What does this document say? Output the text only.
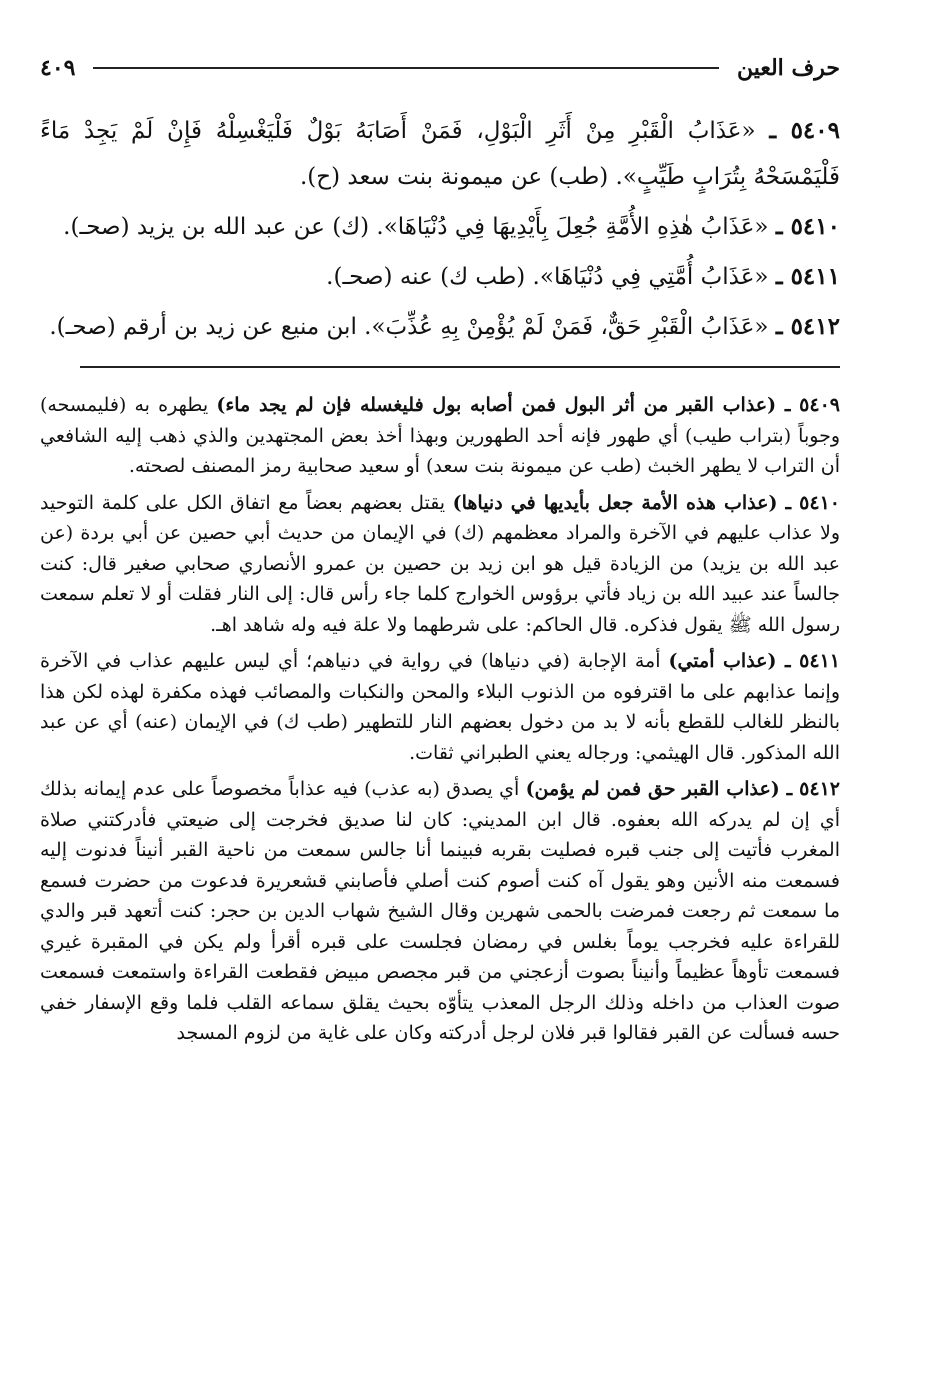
حرف العين
٤٠٩

٥٤٠٩ ـ «عَذَابُ الْقَبْرِ مِنْ أَثَرِ الْبَوْلِ، فَمَنْ أَصَابَهُ بَوْلٌ فَلْيَغْسِلْهُ فَإِنْ لَمْ يَجِدْ مَاءً فَلْيَمْسَحْهُ بِتُرَابٍ طَيِّبٍ». (طب) عن ميمونة بنت سعد (ح).

٥٤١٠ ـ «عَذَابُ هٰذِهِ الأُمَّةِ جُعِلَ بِأَيْدِيهَا فِي دُنْيَاهَا». (ك) عن عبد الله بن يزيد (صحـ).

٥٤١١ ـ «عَذَابُ أُمَّتِي فِي دُنْيَاهَا». (طب ك) عنه (صحـ).

٥٤١٢ ـ «عَذَابُ الْقَبْرِ حَقٌّ، فَمَنْ لَمْ يُؤْمِنْ بِهِ عُذِّبَ». ابن منيع عن زيد بن أرقم (صحـ).

٥٤٠٩ ـ (عذاب القبر من أثر البول فمن أصابه بول فليغسله فإن لم يجد ماء) يطهره به (فليمسحه) وجوباً (بتراب طيب) أي طهور فإنه أحد الطهورين وبهذا أخذ بعض المجتهدين والذي ذهب إليه الشافعي أن التراب لا يطهر الخبث (طب عن ميمونة بنت سعد) أو سعيد صحابية رمز المصنف لصحته.

٥٤١٠ ـ (عذاب هذه الأمة جعل بأيديها في دنياها) يقتل بعضهم بعضاً مع اتفاق الكل على كلمة التوحيد ولا عذاب عليهم في الآخرة والمراد معظمهم (ك) في الإيمان من حديث أبي حصين عن أبي بردة (عن عبد الله بن يزيد) من الزيادة قيل هو ابن زيد بن حصين بن عمرو الأنصاري صحابي صغير قال: كنت جالساً عند عبيد الله بن زياد فأتي برؤوس الخوارج كلما جاء رأس قال: إلى النار فقلت أو لا تعلم سمعت رسول الله ﷺ يقول فذكره. قال الحاكم: على شرطهما ولا علة فيه وله شاهد اهـ.

٥٤١١ ـ (عذاب أمتي) أمة الإجابة (في دنياها) في رواية في دنياهم؛ أي ليس عليهم عذاب في الآخرة وإنما عذابهم على ما اقترفوه من الذنوب البلاء والمحن والنكبات والمصائب فهذه مكفرة لهذه لكن هذا بالنظر للغالب للقطع بأنه لا بد من دخول بعضهم النار للتطهير (طب ك) في الإيمان (عنه) أي عن عبد الله المذكور. قال الهيثمي: ورجاله يعني الطبراني ثقات.

٥٤١٢ ـ (عذاب القبر حق فمن لم يؤمن) أي يصدق (به عذب) فيه عذاباً مخصوصاً على عدم إيمانه بذلك أي إن لم يدركه الله بعفوه. قال ابن المديني: كان لنا صديق فخرجت إلى ضيعتي فأدركتني صلاة المغرب فأتيت إلى جنب قبره فصليت بقربه فبينما أنا جالس سمعت من ناحية القبر أنيناً فدنوت إليه فسمعت منه الأنين وهو يقول آه كنت أصوم كنت أصلي فأصابني قشعريرة فدعوت من حضرت فسمع ما سمعت ثم رجعت فمرضت بالحمى شهرين وقال الشيخ شهاب الدين بن حجر: كنت أتعهد قبر والدي للقراءة عليه فخرجب يوماً بغلس في رمضان فجلست على قبره أقرأ ولم يكن في المقبرة غيري فسمعت تأوهاً عظيماً وأنيناً بصوت أزعجني من قبر مجصص مبيض فقطعت القراءة واستمعت فسمعت صوت العذاب من داخله وذلك الرجل المعذب يتأوّه بحيث يقلق سماعه القلب فلما وقع الإسفار خفي حسه فسألت عن القبر فقالوا قبر فلان لرجل أدركته وكان على غاية من لزوم المسجد
